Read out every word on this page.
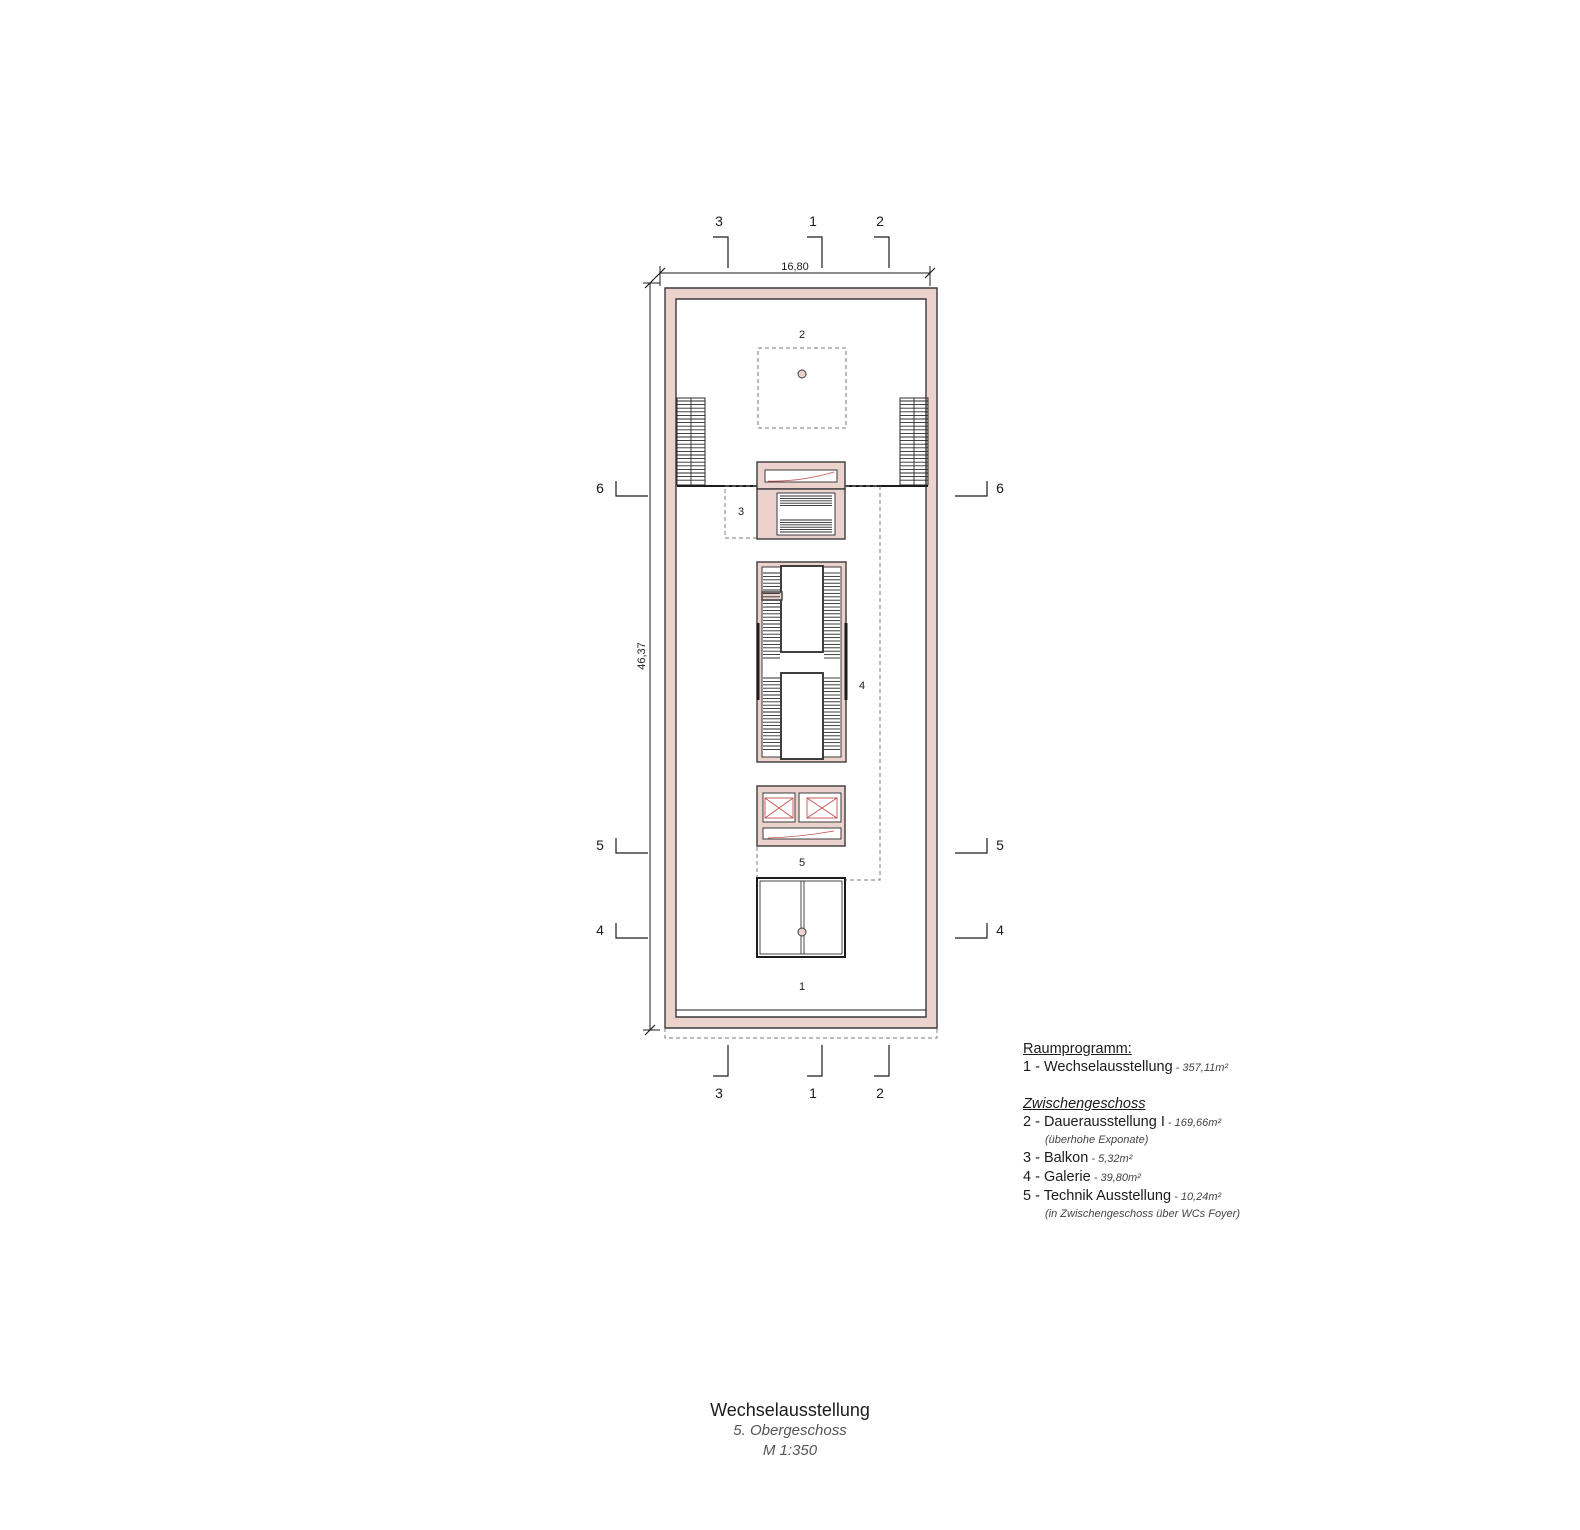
16,80
46,37
3	1	2
3	1	2
6
5
4
6
5
4
2
3
4
5
1
Raumprogramm:
1 - Wechselausstellung - 357,11m²
Zwischengeschoss
2 - Dauerausstellung I - 169,66m²
(überhohe Exponate)
3 - Balkon - 5,32m²
4 - Galerie - 39,80m²
5 - Technik Ausstellung - 10,24m²
(in Zwischengeschoss über WCs Foyer)
Wechselausstellung
5. Obergeschoss
M 1:350
